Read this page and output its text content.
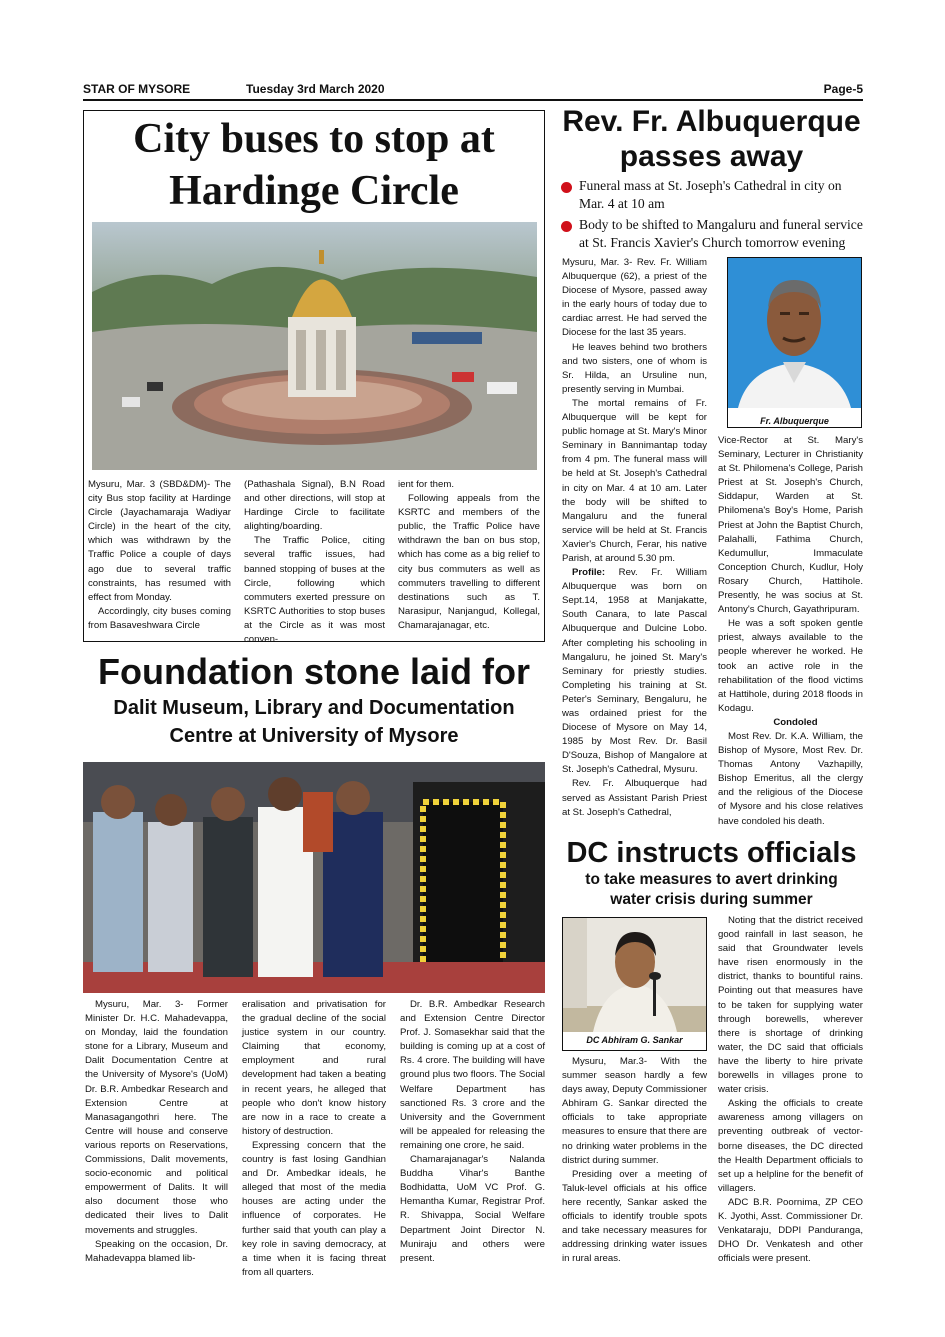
STAR OF MYSORE	Tuesday 3rd March 2020	Page-5
City buses to stop at
Hardinge Circle

Mysuru, Mar. 3 (SBD&DM)- The city Bus stop facility at Hardinge Circle (Jayachamaraja Wadiyar Circle) in the heart of the city, which was withdrawn by the Traffic Police a couple of days ago due to several traffic constraints, has resumed with effect from Monday.

Accordingly, city buses coming from Basaveshwara Circle

(Pathashala Signal), B.N Road and other directions, will stop at Hardinge Circle to facilitate alighting/boarding.

The Traffic Police, citing several traffic issues, had banned stopping of buses at the Circle, following which commuters exerted pressure on KSRTC Authorities to stop buses at the Circle as it was most conven-

ient for them.

Following appeals from the KSRTC and members of the public, the Traffic Police have withdrawn the ban on bus stop, which has come as a big relief to city bus commuters as well as commuters travelling to different destinations such as T. Narasipur, Nanjangud, Kollegal, Chamarajanagar, etc.

Rev. Fr. Albuquerque
passes away
Funeral mass at St. Joseph's Cathedral in city on Mar. 4 at 10 am
Body to be shifted to Mangaluru and funeral service at St. Francis Xavier's Church tomorrow evening

Mysuru, Mar. 3- Rev. Fr. William Albuquerque (62), a priest of the Diocese of Mysore, passed away in the early hours of today due to cardiac arrest. He had served the Diocese for the last 35 years.

He leaves behind two brothers and two sisters, one of whom is Sr. Hilda, an Ursuline nun, presently serving in Mumbai.

The mortal remains of Fr. Albuquerque will be kept for public homage at St. Mary's Minor Seminary in Bannimantap today from 4 pm. The funeral mass will be held at St. Joseph's Cathedral in city on Mar. 4 at 10 am. Later the body will be shifted to Mangaluru and the funeral service will be held at St. Francis Xavier's Church, Ferar, his native Parish, at around 5.30 pm.

Profile: Rev. Fr. William Albuquerque was born on Sept.14, 1958 at Manjakatte, South Canara, to late Pascal Albuquerque and Dulcine Lobo. After completing his schooling in Mangaluru, he joined St. Mary's Seminary for priestly studies. Completing his training at St. Peter's Seminary, Bengaluru, he was ordained priest for the Diocese of Mysore on May 14, 1985 by Most Rev. Dr. Basil D'Souza, Bishop of Mangalore at St. Joseph's Cathedral, Mysuru.

Rev. Fr. Albuquerque had served as Assistant Parish Priest at St. Joseph's Cathedral,

Fr. Albuquerque

Vice-Rector at St. Mary's Seminary, Lecturer in Christianity at St. Philomena's College, Parish Priest at St. Joseph's Church, Siddapur, Warden at St. Philomena's Boy's Home, Parish Priest at John the Baptist Church, Palahalli, Fathima Church, Kedumullur, Immaculate Conception Church, Kudlur, Holy Rosary Church, Hattihole. Presently, he was socius at St. Antony's Church, Gayathripuram.

He was a soft spoken gentle priest, always available to the people wherever he worked. He took an active role in the rehabilitation of the flood victims at Hattihole, during 2018 floods in Kodagu.

Condoled

Most Rev. Dr. K.A. William, the Bishop of Mysore, Most Rev. Dr. Thomas Antony Vazhapilly, Bishop Emeritus, all the clergy and the religious of the Diocese of Mysore and his close relatives have condoled his death.

Foundation stone laid for
Dalit Museum, Library and Documentation
Centre at University of Mysore

Mysuru, Mar. 3- Former Minister Dr. H.C. Mahadevappa, on Monday, laid the foundation stone for a Library, Museum and Dalit Documentation Centre at the University of Mysore's (UoM) Dr. B.R. Ambedkar Research and Extension Centre at Manasagangothri here. The Centre will house and conserve various reports on Reservations, Commissions, Dalit movements, socio-economic and political empowerment of Dalits. It will also document those who dedicated their lives to Dalit movements and struggles.

Speaking on the occasion, Dr. Mahadevappa blamed lib-

eralisation and privatisation for the gradual decline of the social justice system in our country. Claiming that economy, employment and rural development had taken a beating in recent years, he alleged that people who don't know history are now in a race to create a history of destruction.

Expressing concern that the country is fast losing Gandhian and Dr. Ambedkar ideals, he alleged that most of the media houses are acting under the influence of corporates. He further said that youth can play a key role in saving democracy, at a time when it is facing threat from all quarters.

Dr. B.R. Ambedkar Research and Extension Centre Director Prof. J. Somasekhar said that the building is coming up at a cost of Rs. 4 crore. The building will have ground plus two floors. The Social Welfare Department has sanctioned Rs. 3 crore and the University and the Government will be appealed for releasing the remaining one crore, he said.

Chamarajanagar's Nalanda Buddha Vihar's Banthe Bodhidatta, UoM VC Prof. G. Hemantha Kumar, Registrar Prof. R. Shivappa, Social Welfare Department Joint Director N. Muniraju and others were present.

DC instructs officials
to take measures to avert drinking
water crisis during summer
DC Abhiram G. Sankar

Mysuru, Mar.3- With the summer season hardly a few days away, Deputy Commissioner Abhiram G. Sankar directed the officials to take appropriate measures to ensure that there are no drinking water problems in the district during summer.

Presiding over a meeting of Taluk-level officials at his office here recently, Sankar asked the officials to identify trouble spots and take necessary measures for addressing drinking water issues in rural areas.

Noting that the district received good rainfall in last season, he said that Groundwater levels have risen enormously in the district, thanks to bountiful rains. Pointing out that measures have to be taken for supplying water through borewells, wherever there is shortage of drinking water, the DC said that officials have the liberty to hire private borewells in villages prone to water crisis.

Asking the officials to create awareness among villagers on preventing outbreak of vector-borne diseases, the DC directed the Health Department officials to set up a helpline for the benefit of villagers.

ADC B.R. Poornima, ZP CEO K. Jyothi, Asst. Commissioner Dr. Venkataraju, DDPI Panduranga, DHO Dr. Venkatesh and other officials were present.
